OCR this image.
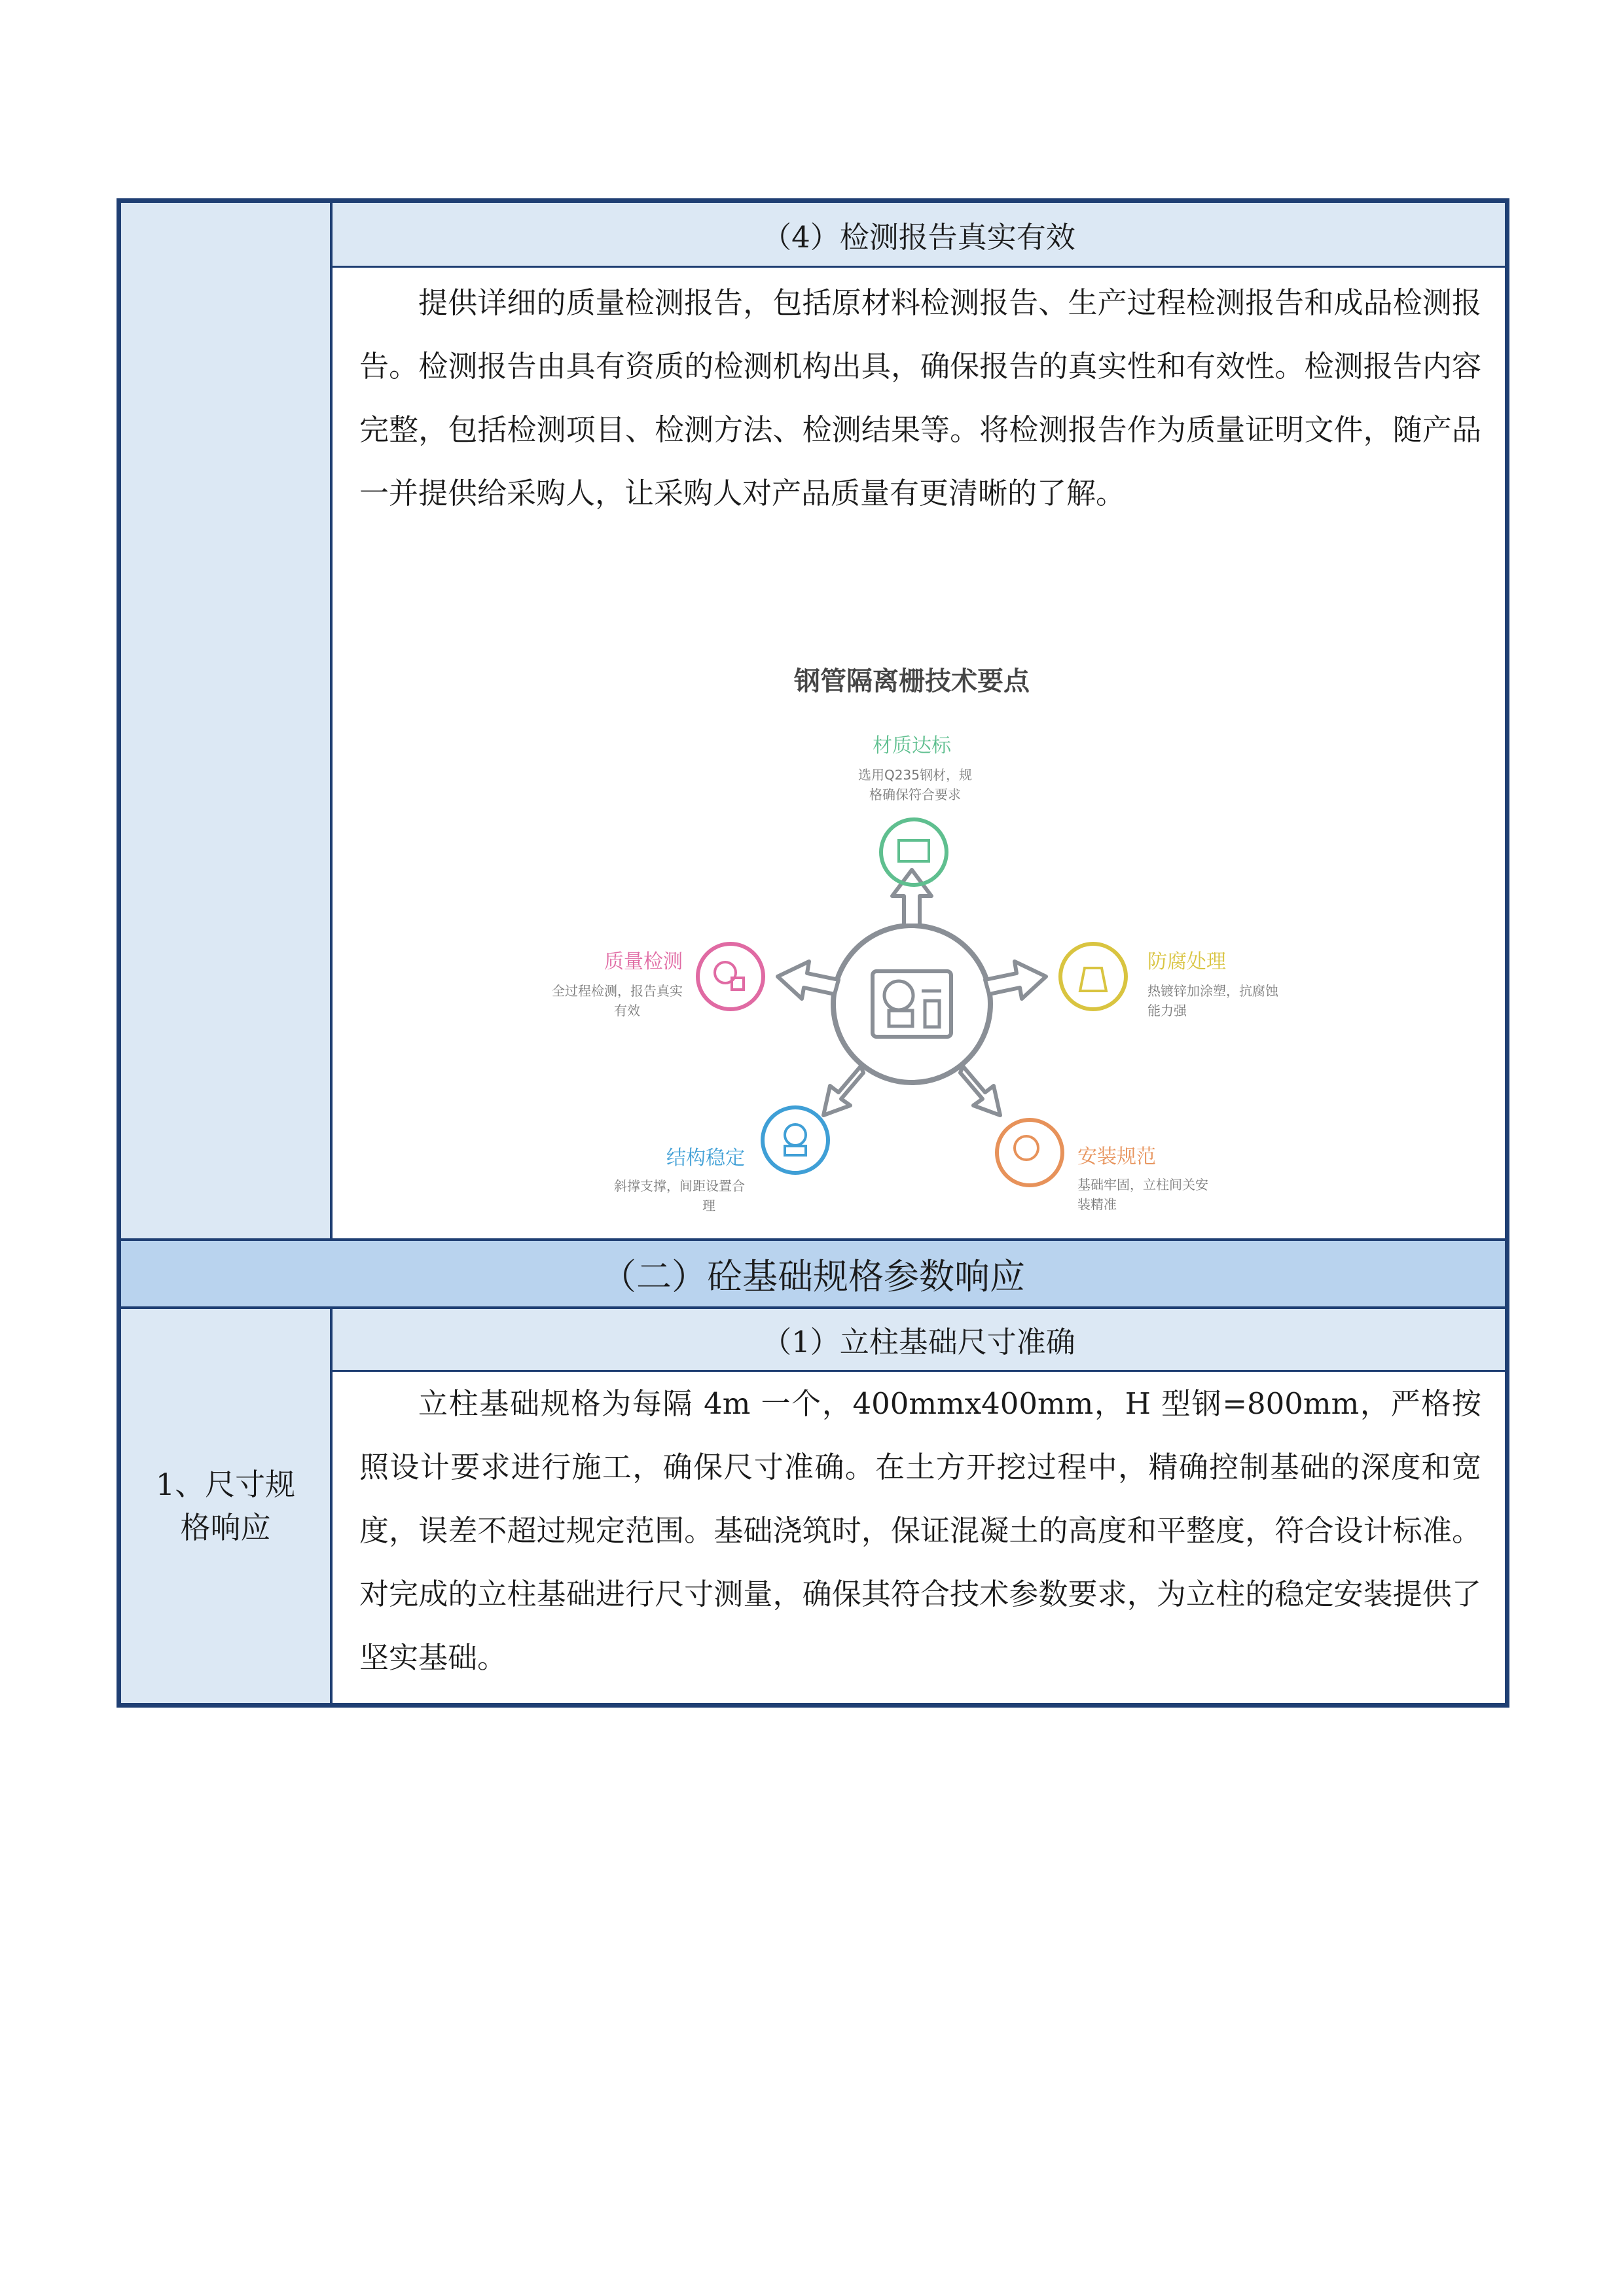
（4）检测报告真实有效

提供详细的质量检测报告，包括原材料检测报告、生产过程检测报告和成品检测报告。检测报告由具有资质的检测机构出具，确保报告的真实性和有效性。检测报告内容完整，包括检测项目、检测方法、检测结果等。将检测报告作为质量证明文件，随产品一并提供给采购人，让采购人对产品质量有更清晰的了解。

钢管隔离栅技术要点
材质达标
选用Q235钢材，规
格确保符合要求
防腐处理
热镀锌加涂塑，抗腐蚀
能力强
安装规范
基础牢固，立柱间关安
装精准
结构稳定
斜撑支撑，间距设置合
理
质量检测
全过程检测，报告真实
有效
（二）砼基础规格参数响应
1、尺寸规格响应
（1）立柱基础尺寸准确

立柱基础规格为每隔 4m 一个，400mmx400mm，H 型钢=800mm，严格按照设计要求进行施工，确保尺寸准确。在土方开挖过程中，精确控制基础的深度和宽度，误差不超过规定范围。基础浇筑时，保证混凝土的高度和平整度，符合设计标准。对完成的立柱基础进行尺寸测量，确保其符合技术参数要求，为立柱的稳定安装提供了坚实基础。
